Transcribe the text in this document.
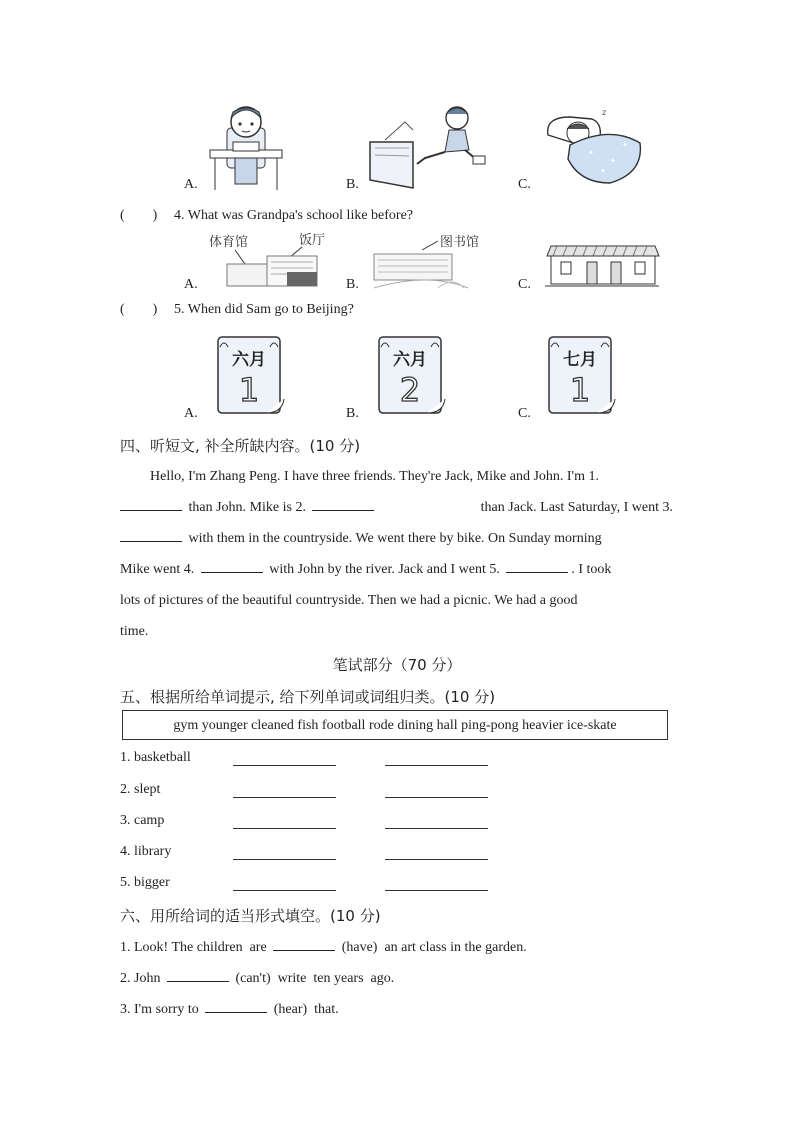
A.	B.
✦
✦
✦
✦
z
C.
(        ) 4. What was Grandpa's school like before?
体育馆	饭厅
A.
图书馆
B.	C.
(        ) 5. When did Sam go to Beijing?
六月
1
A.
六月
2
B.
七月
1
C.
四、听短文, 补全所缺内容。(10 分)
Hello, I'm Zhang Peng. I have three friends. They're Jack, Mike and John. I'm 1.
than John. Mike is 2.	than Jack. Last Saturday, I went 3.
with them in the countryside. We went there by bike. On Sunday morning
Mike went 4.	with John by the river. Jack and I went 5.	. I took
lots of pictures of the beautiful countryside. Then we had a picnic. We had a good
time.
笔试部分（70 分）
五、根据所给单词提示, 给下列单词或词组归类。(10 分)
gym younger cleaned fish football rode dining hall ping-pong heavier ice-skate
1. basketball
2. slept
3. camp
4. library
5. bigger
六、用所给词的适当形式填空。(10 分)
1. Look! The children  are	(have)  an art class in the garden.
2. John	(can't)  write  ten years  ago.
3. I'm sorry to	(hear)  that.
